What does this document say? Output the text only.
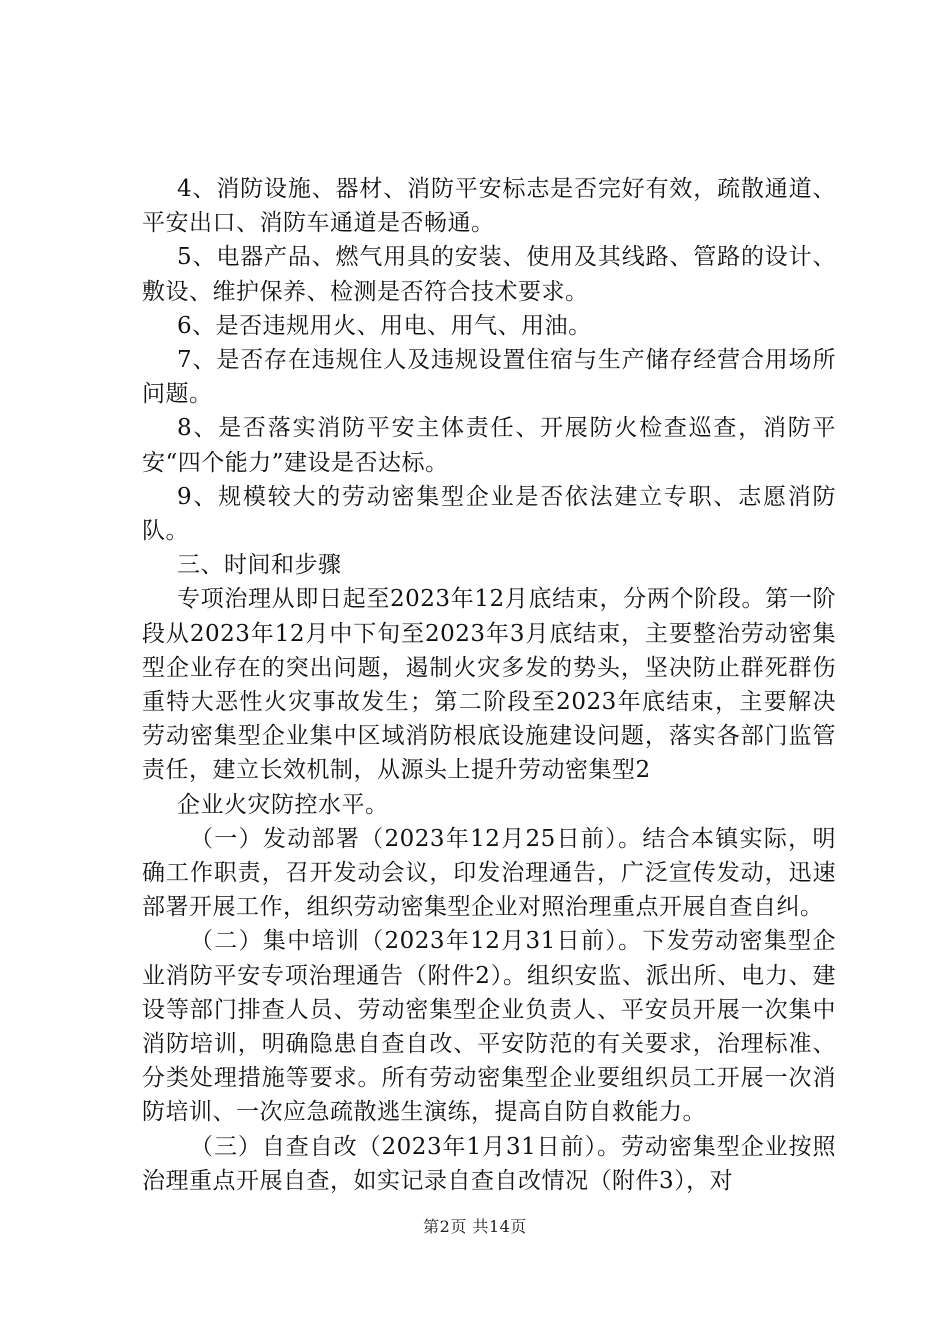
4、消防设施、器材、消防平安标志是否完好有效，疏散通道、平安出口、消防车通道是否畅通。

5、电器产品、燃气用具的安装、使用及其线路、管路的设计、敷设、维护保养、检测是否符合技术要求。

6、是否违规用火、用电、用气、用油。

7、是否存在违规住人及违规设置住宿与生产储存经营合用场所问题。

8、是否落实消防平安主体责任、开展防火检查巡查，消防平安“四个能力”建设是否达标。

9、规模较大的劳动密集型企业是否依法建立专职、志愿消防队。

三、时间和步骤

专项治理从即日起至2023年12月底结束，分两个阶段。第一阶段从2023年12月中下旬至2023年3月底结束，主要整治劳动密集型企业存在的突出问题，遏制火灾多发的势头，坚决防止群死群伤重特大恶性火灾事故发生；第二阶段至2023年底结束，主要解决劳动密集型企业集中区域消防根底设施建设问题，落实各部门监管责任，建立长效机制，从源头上提升劳动密集型2

企业火灾防控水平。

（一）发动部署（2023年12月25日前）。结合本镇实际，明确工作职责，召开发动会议，印发治理通告，广泛宣传发动，迅速部署开展工作，组织劳动密集型企业对照治理重点开展自查自纠。

（二）集中培训（2023年12月31日前）。下发劳动密集型企业消防平安专项治理通告（附件2）。组织安监、派出所、电力、建设等部门排查人员、劳动密集型企业负责人、平安员开展一次集中消防培训，明确隐患自查自改、平安防范的有关要求，治理标准、分类处理措施等要求。所有劳动密集型企业要组织员工开展一次消防培训、一次应急疏散逃生演练，提高自防自救能力。

（三）自查自改（2023年1月31日前）。劳动密集型企业按照治理重点开展自查，如实记录自查自改情况（附件3），对

第2页 共14页
